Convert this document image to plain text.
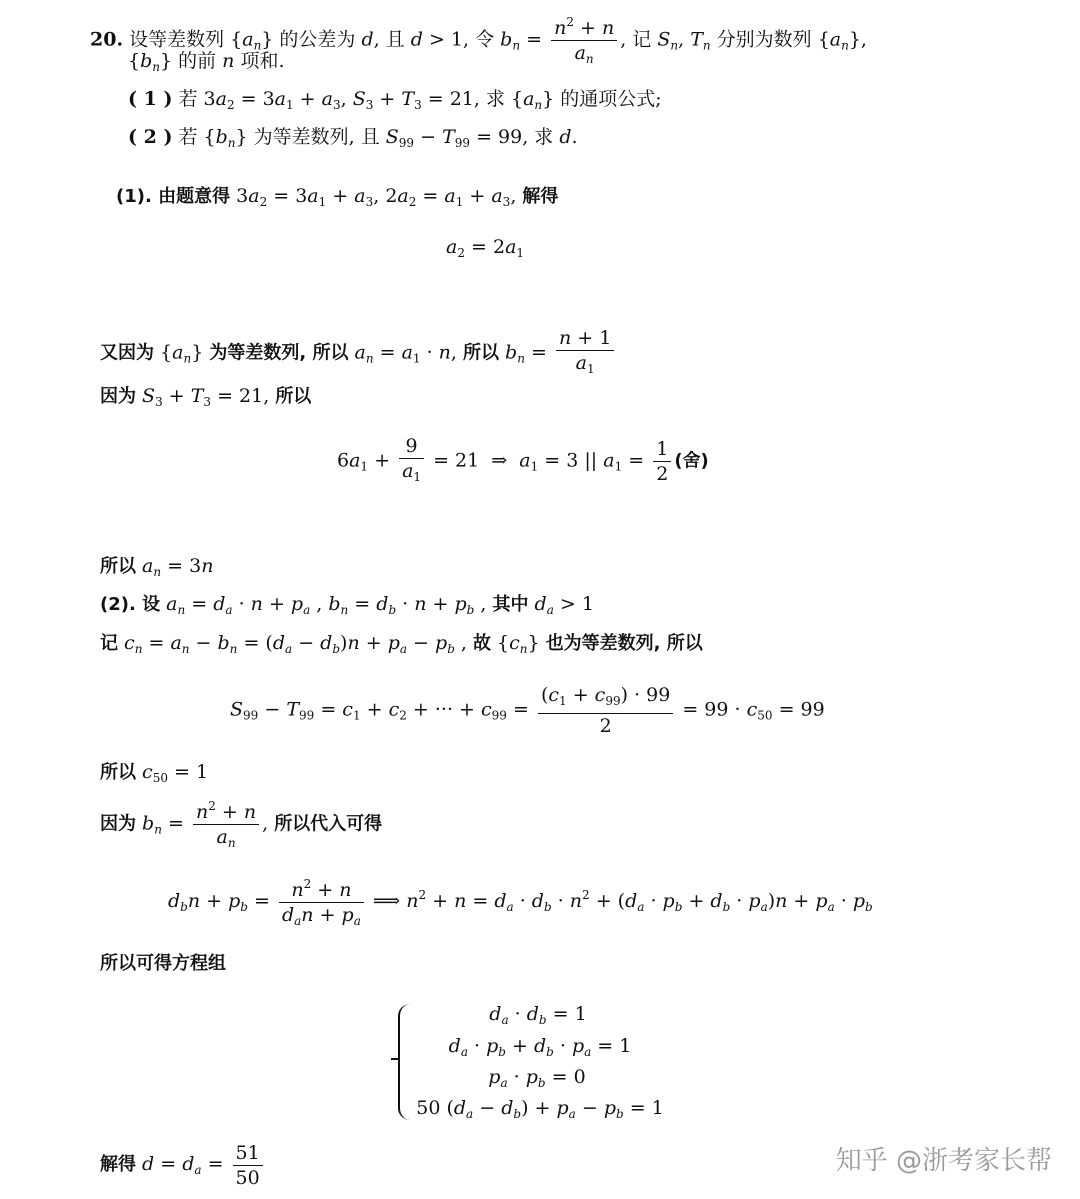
20. 设等差数列 $\{a_n\}$ 的公差为 d, 且 d > 1, 令 $b_n = \frac{n^2 + n}{a_n}$ , 记 $S_n$, $T_n$ 分别为数列 $\{a_n\}$,
$\{b_n\}$ 的前 n 项和.
( 1 ) 若 $3a_2 = 3a_1 + a_3$, $S_3 + T_3 = 21$, 求 $\{a_n\}$ 的通项公式;
( 2 ) 若 $\{b_n\}$ 为等差数列, 且 $S_{99} - T_{99} = 99$, 求 d.
(1). 由题意得 $3a_2 = 3a_1 + a_3$, $2a_2 = a_1 + a_3$, 解得
$a_2 = 2a_1$
又因为 $\{a_n\}$ 为等差数列, 所以 $a_n = a_1 \cdot n$, 所以 $b_n = \frac{n + 1}{a_1}$
因为 $S_3 + T_3 = 21$, 所以
$6a_1 + \frac{9}{a_1} = 21$  ⇒  $a_1 = 3$ || $a_1 = \frac{1}{2}$ (舍)
所以 $a_n = 3n$
(2). 设 $a_n = d_a \cdot n + p_a$ , $b_n = d_b \cdot n + p_b$ , 其中 $d_a > 1$
记 $c_n = a_n - b_n = (d_a - d_b)n + p_a - p_b$ , 故 $\{c_n\}$ 也为等差数列, 所以
$S_{99} - T_{99} = c_1 + c_2$ + ··· + $c_{99} = \frac{(c_1 + c_{99}) \cdot 99}{2} = 99 \cdot c_{50} = 99$
所以 $c_{50} = 1$
因为 $b_n = \frac{n^2 + n}{a_n}$ , 所以代入可得
$d_bn + p_b = \frac{n^2 + n}{d_an + p_a}$ ⟹ $n^2 + n = d_a \cdot d_b \cdot n^2 + (d_a \cdot p_b + d_b \cdot p_a)n + p_a \cdot p_b$
所以可得方程组
$d_a \cdot d_b = 1$
$d_a \cdot p_b + d_b \cdot p_a = 1$
$p_a \cdot p_b = 0$
50 $(d_a - d_b) + p_a - p_b = 1$
解得 $d = d_a = \frac{51}{50}$	知乎 @浙考家长帮
